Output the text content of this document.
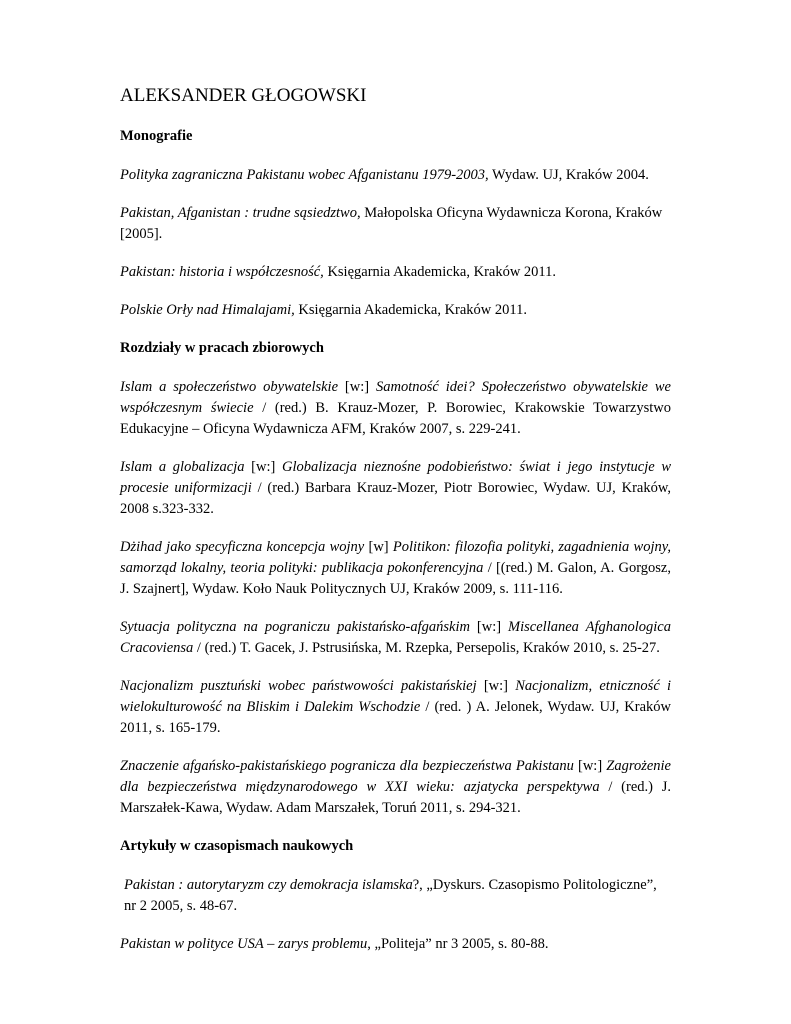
ALEKSANDER GŁOGOWSKI
Monografie

Polityka zagraniczna Pakistanu wobec Afganistanu 1979-2003, Wydaw. UJ, Kraków 2004.

Pakistan, Afganistan : trudne sąsiedztwo, Małopolska Oficyna Wydawnicza Korona, Kraków [2005].

Pakistan: historia i współczesność, Księgarnia Akademicka, Kraków 2011.

Polskie Orły nad Himalajami, Księgarnia Akademicka, Kraków 2011.

Rozdziały w pracach zbiorowych

Islam a społeczeństwo obywatelskie [w:] Samotność idei? Społeczeństwo obywatelskie we współczesnym świecie / (red.) B. Krauz-Mozer, P. Borowiec, Krakowskie Towarzystwo Edukacyjne – Oficyna Wydawnicza AFM, Kraków 2007, s. 229-241.

Islam a globalizacja [w:] Globalizacja nieznośne podobieństwo: świat i jego instytucje w procesie uniformizacji / (red.) Barbara Krauz-Mozer, Piotr Borowiec, Wydaw. UJ, Kraków, 2008 s.323-332.

Dżihad jako specyficzna koncepcja wojny [w] Politikon: filozofia polityki, zagadnienia wojny, samorząd lokalny, teoria polityki: publikacja pokonferencyjna / [(red.) M. Galon, A. Gorgosz, J. Szajnert], Wydaw. Koło Nauk Politycznych UJ, Kraków 2009, s. 111-116.

Sytuacja polityczna na pograniczu pakistańsko-afgańskim [w:] Miscellanea Afghanologica Cracoviensa / (red.) T. Gacek, J. Pstrusińska, M. Rzepka, Persepolis, Kraków 2010, s. 25-27.

Nacjonalizm pusztuński wobec państwowości pakistańskiej [w:] Nacjonalizm, etniczność i wielokulturowość na Bliskim i Dalekim Wschodzie / (red. ) A. Jelonek, Wydaw. UJ, Kraków 2011, s. 165-179.

Znaczenie afgańsko-pakistańskiego pogranicza dla bezpieczeństwa Pakistanu [w:] Zagrożenie dla bezpieczeństwa międzynarodowego w XXI wieku: azjatycka perspektywa / (red.) J. Marszałek-Kawa, Wydaw. Adam Marszałek, Toruń 2011, s. 294-321.

Artykuły w czasopismach naukowych

Pakistan : autorytaryzm czy demokracja islamska?, „Dyskurs. Czasopismo Politologiczne”, nr 2 2005, s. 48-67.

Pakistan w polityce USA – zarys problemu, „Politeja” nr 3 2005, s. 80-88.
